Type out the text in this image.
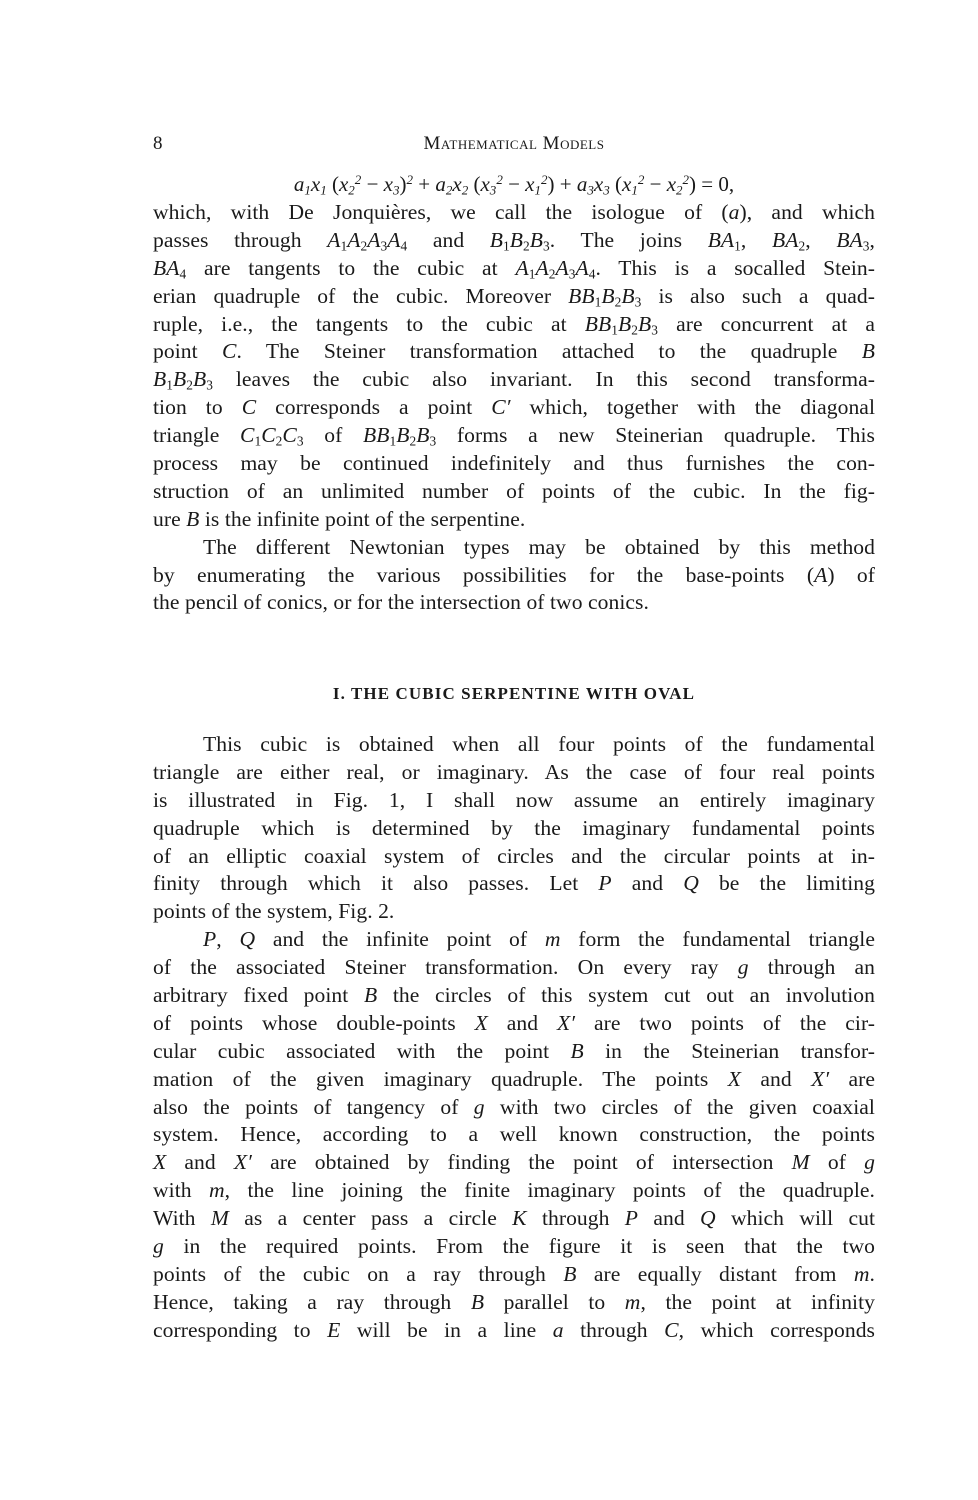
8	Mathematical Models
$a_1x_1$ $(x_2^2 - x_3)^2 + a_2x_2$ $(x_3^2 - x_1^2) + a_3x_3$ $(x_1^2 - x_2^2) = 0$,
which, with De Jonquières, we call the isologue of (a), and which
passes through $A_1A_2A_3A_4$ and $B_1B_2B_3$. The joins $BA_1$, $BA_2$, $BA_3$,
$BA_4$ are tangents to the cubic at $A_1A_2A_3A_4$. This is a socalled Stein-
erian quadruple of the cubic. Moreover $BB_1B_2B_3$ is also such a quad-
ruple, i.e., the tangents to the cubic at $BB_1B_2B_3$ are concurrent at a
point C. The Steiner transformation attached to the quadruple B
$B_1B_2B_3$ leaves the cubic also invariant. In this second transforma-
tion to C corresponds a point C′ which, together with the diagonal
triangle $C_1C_2C_3$ of $BB_1B_2B_3$ forms a new Steinerian quadruple. This
process may be continued indefinitely and thus furnishes the con-
struction of an unlimited number of points of the cubic. In the fig-
ure B is the infinite point of the serpentine.
The different Newtonian types may be obtained by this method
by enumerating the various possibilities for the base-points (A) of
the pencil of conics, or for the intersection of two conics.
I. THE CUBIC SERPENTINE WITH OVAL
This cubic is obtained when all four points of the fundamental
triangle are either real, or imaginary. As the case of four real points
is illustrated in Fig. 1, I shall now assume an entirely imaginary
quadruple which is determined by the imaginary fundamental points
of an elliptic coaxial system of circles and the circular points at in-
finity through which it also passes. Let P and Q be the limiting
points of the system, Fig. 2.
P, Q and the infinite point of m form the fundamental triangle
of the associated Steiner transformation. On every ray g through an
arbitrary fixed point B the circles of this system cut out an involution
of points whose double-points X and X′ are two points of the cir-
cular cubic associated with the point B in the Steinerian transfor-
mation of the given imaginary quadruple. The points X and X′ are
also the points of tangency of g with two circles of the given coaxial
system. Hence, according to a well known construction, the points
X and X′ are obtained by finding the point of intersection M of g
with m, the line joining the finite imaginary points of the quadruple.
With M as a center pass a circle K through P and Q which will cut
g in the required points. From the figure it is seen that the two
points of the cubic on a ray through B are equally distant from m.
Hence, taking a ray through B parallel to m, the point at infinity
corresponding to E will be in a line a through C, which corresponds
